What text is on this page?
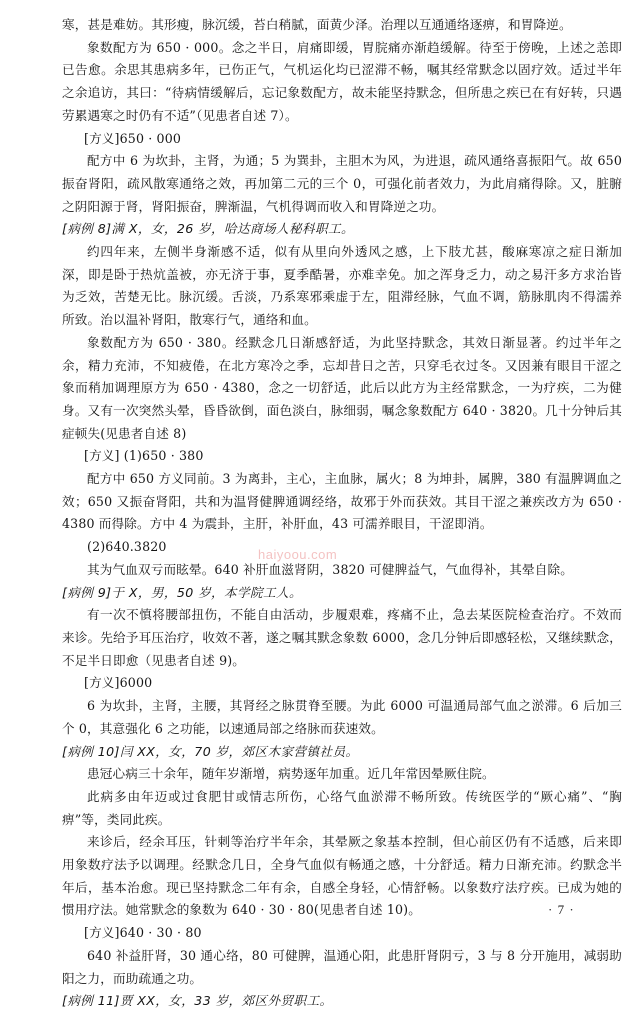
寒，甚是难妨。其形瘦，脉沉缓，苔白稍腻，面黄少泽。治理以互通通络逐痹，和胃降逆。

象数配方为 650 · 000。念之半日，肩痛即缓，胃脘痛亦渐趋缓解。待至于傍晚，上述之恙即已告愈。余思其患病多年，已伤正气，气机运化均已涩滞不畅，嘱其经常默念以固疗效。适过半年之余追访，其曰：“待病情缓解后，忘记象数配方，故未能坚持默念，但所患之疾已在有好转，只遇劳累遇寒之时仍有不适”（见患者自述 7）。

[方义]650 · 000

配方中 6 为坎卦，主肾，为通；5 为巽卦，主胆木为风，为进退，疏风通络喜振阳气。故 650 振奋肾阳，疏风散寒通络之效，再加第二元的三个 0，可强化前者效力，为此肩痛得除。又，脏腑之阴阳源于肾，肾阳振奋，脾渐温，气机得调而收入和胃降逆之功。

[病例 8]满 X，女，26 岁，哈达商场人秘科职工。

约四年来，左侧半身渐感不适，似有从里向外透风之感，上下肢尤甚，酸麻寒凉之症日渐加深，即是卧于热炕盖被，亦无济于事，夏季酷暑，亦难幸免。加之浑身乏力，动之易汗多方求治皆为乏效，苦楚无比。脉沉缓。舌淡，乃系寒邪乘虚于左，阻滞经脉，气血不调，筋脉肌肉不得濡养所致。治以温补肾阳，散寒行气，通络和血。

象数配方为 650 · 380。经默念几日渐感舒适，为此坚持默念，其效日渐显著。约过半年之余，精力充沛，不知疲倦，在北方寒冷之季，忘却昔日之苦，只穿毛衣过冬。又因兼有眼目干涩之象而稍加调理原方为 650 · 4380，念之一切舒适，此后以此方为主经常默念，一为疗疾，二为健身。又有一次突然头晕，昏昏欲倒，面色淡白，脉细弱，嘱念象数配方 640 · 3820。几十分钟后其症顿失(见患者自述 8)

[方义] (1)650 · 380

配方中 650 方义同前。3 为离卦，主心，主血脉，属火；8 为坤卦，属脾，380 有温脾调血之效；650 又振奋肾阳，共和为温肾健脾通调经络，故邪于外而获效。其目干涩之兼疾改方为 650 · 4380 而得除。方中 4 为震卦，主肝，补肝血，43 可濡养眼目，干涩即消。

(2)640.3820

其为气血双亏而眩晕。640 补肝血滋肾阴，3820 可健脾益气，气血得补，其晕自除。

[病例 9]于 X，男，50 岁，本学院工人。

有一次不慎将腰部扭伤，不能自由活动，步履艰难，疼痛不止，急去某医院检查治疗。不效而来诊。先给予耳压治疗，收效不著，遂之嘱其默念象数 6000，念几分钟后即感轻松，又继续默念，不足半日即愈（见患者自述 9)。

[方义]6000

6 为坎卦，主肾，主腰，其肾经之脉贯脊至腰。为此 6000 可温通局部气血之淤滞。6 后加三个 0，其意强化 6 之功能，以速通局部之络脉而获速效。

[病例 10]闫 XX，女，70 岁，郊区木家营镇社员。

患冠心病三十余年，随年岁渐增，病势逐年加重。近几年常因晕厥住院。

此病多由年迈或过食肥甘或情志所伤，心络气血淤滞不畅所致。传统医学的“厥心痛”、“胸痹”等，类同此疾。

来诊后，经余耳压，针刺等治疗半年余，其晕厥之象基本控制，但心前区仍有不适感，后来即用象数疗法予以调理。经默念几日，全身气血似有畅通之感，十分舒适。精力日渐充沛。约默念半年后，基本治愈。现已坚持默念二年有余，自感全身轻，心情舒畅。以象数疗法疗疾。已成为她的惯用疗法。她常默念的象数为 640 · 30 · 80(见患者自述 10)。

[方义]640 · 30 · 80

640 补益肝肾，30 通心络，80 可健脾，温通心阳，此患肝肾阴亏，3 与 8 分开施用，减弱助阳之力，而助疏通之功。

[病例 11]贾 XX，女，33 岁，郊区外贸职工。

haiyoou.com
· 7 ·
